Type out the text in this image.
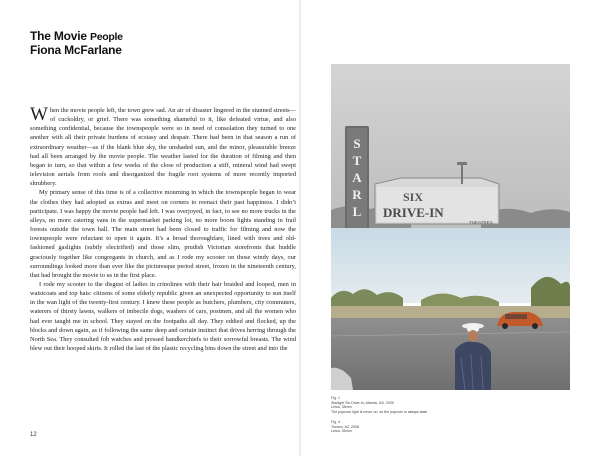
The Movie People
Fiona McFarlane

When the movie people left, the town grew sad. An air of disaster lingered in the stunned streets—of cuckoldry, or grief. There was something shameful to it, like defeated virtue, and also something confidential, because the townspeople were so in need of consolation they turned to one another with all their private burdens of ecstasy and despair. There had been in that season a run of extraordinary weather—as if the blank blue sky, the unshaded sun, and the minor, pleasurable breeze had all been arranged by the movie people. The weather lasted for the duration of filming and then began to turn, so that within a few weeks of the close of production a stiff, mineral wind had swept television aerials from roofs and disorganized the fragile root systems of more recently imported shrubbery.

My primary sense of this time is of a collective mourning in which the townspeople began to wear the clothes they had adopted as extras and meet on corners to reenact their past happiness. I didn’t participate. I was happy the movie people had left. I was overjoyed, in fact, to see no more trucks in the alleys, no more catering vans in the supermarket parking lot, no more boom lights standing in frail forests outside the town hall. The main street had been closed to traffic for filming and now the townspeople were reluctant to open it again. It’s a broad thoroughfare, lined with trees and old-fashioned gaslights (subtly electrified) and those slim, prudish Victorian storefronts that huddle graciously together like congregants in church, and as I rode my scooter on those windy days, our surroundings looked more than ever like the picturesque period street, frozen in the nineteenth century, that had brought the movie to us in the first place.

I rode my scooter to the disgust of ladies in crinolines with their hair braided and looped, men in waistcoats and top hats: citizens of some elderly republic given an unexpected opportunity to sun itself in the wan light of the twenty-first century. I knew these people as butchers, plumbers, city commuters, waterers of thirsty lawns, walkers of imbecile dogs, washers of cars, postmen, and all the women who had ever taught me in school. They stayed on the footpaths all day. They eddied and flocked, up the blocks and down again, as if following the same deep and certain instinct that drives herring through the North Sea. They consulted fob watches and pressed handkerchiefs to their sorrowful breasts. The wind blew out their hooped skirts. It rolled the last of the plastic recycling bins down the street and into the

12
S
T
A
R
L
SIX
DRIVE-IN
THEATRES
Fig. 1
Starlight Six Drive-In, Atlanta, GA, 2000
Leica, 35mm
The popcorn light is never on, so the popcorn is always stale
Fig. 4
Tucson, AZ, 2008
Leica, 35mm
